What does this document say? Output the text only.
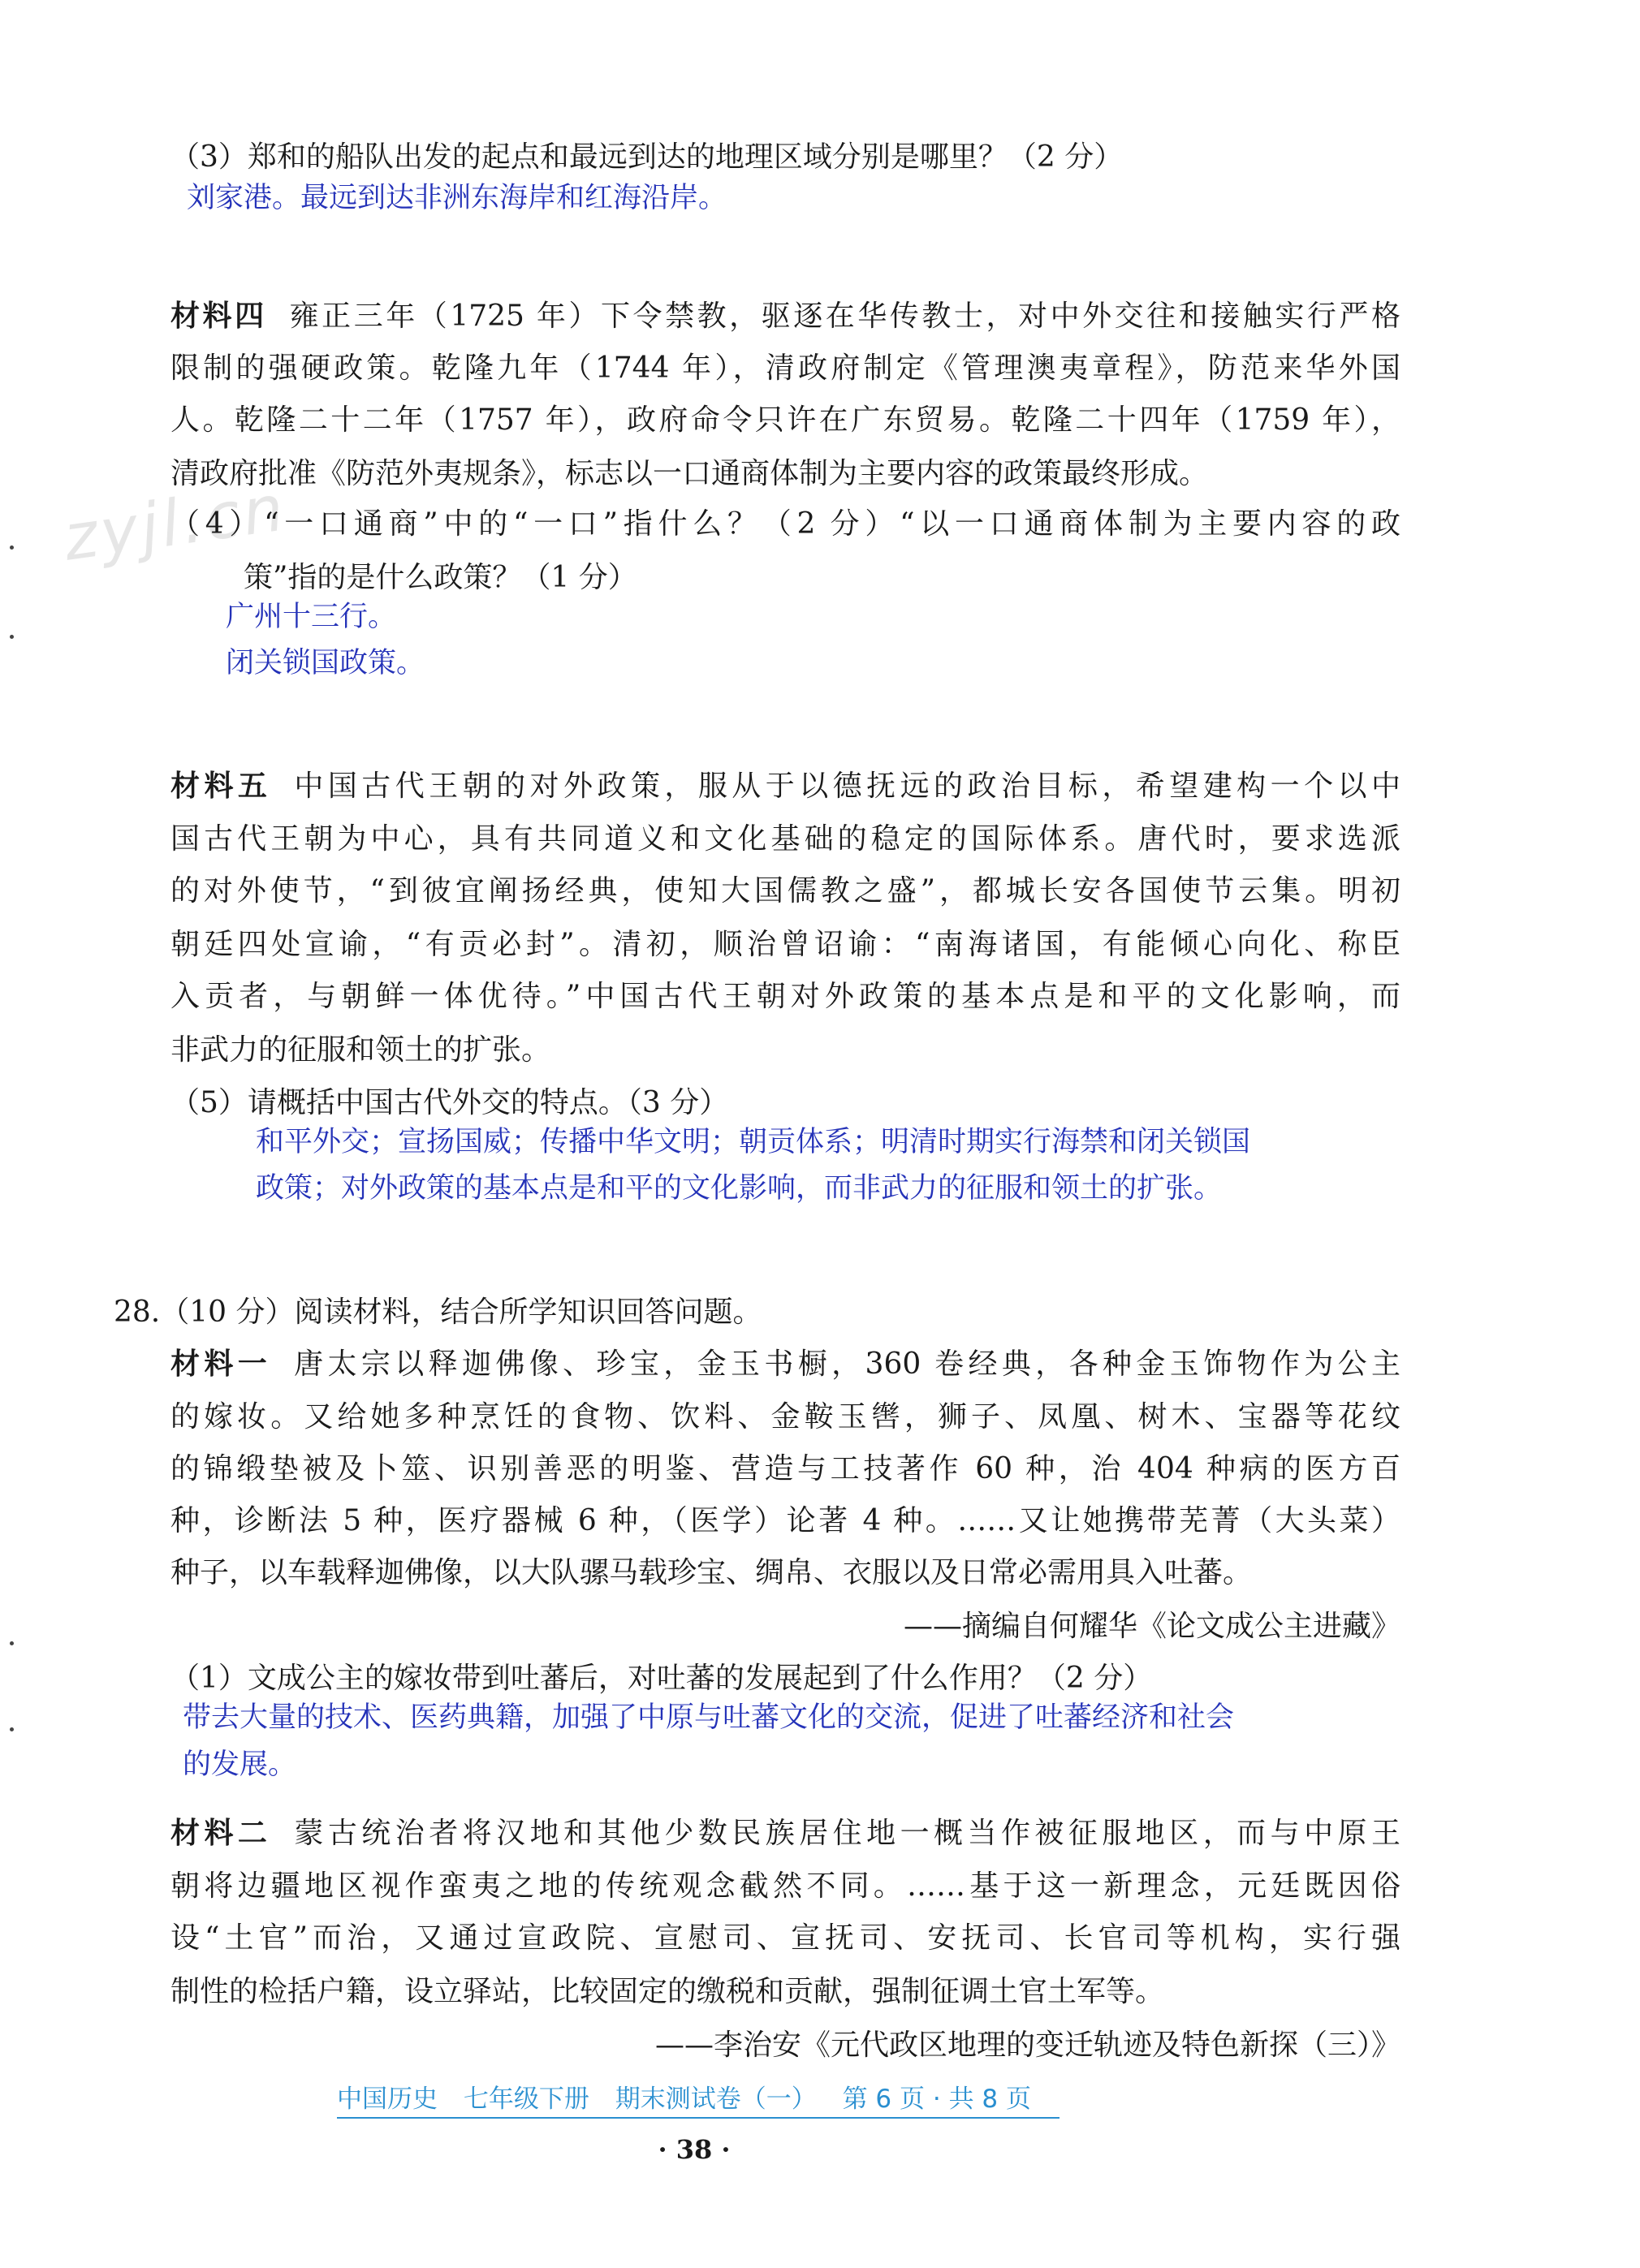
zyjl.cn
（3）郑和的船队出发的起点和最远到达的地理区域分别是哪里？（2 分）
刘家港。最远到达非洲东海岸和红海沿岸。
材料四 雍正三年（1725 年）下令禁教，驱逐在华传教士，对中外交往和接触实行严格
限制的强硬政策。乾隆九年（1744 年），清政府制定《管理澳夷章程》，防范来华外国
人。乾隆二十二年（1757 年），政府命令只许在广东贸易。乾隆二十四年（1759 年），
清政府批准《防范外夷规条》，标志以一口通商体制为主要内容的政策最终形成。
（4）“一口通商”中的“一口”指什么？（2 分）“以一口通商体制为主要内容的政
策”指的是什么政策？（1 分）
广州十三行。
闭关锁国政策。
材料五 中国古代王朝的对外政策，服从于以德抚远的政治目标，希望建构一个以中
国古代王朝为中心，具有共同道义和文化基础的稳定的国际体系。唐代时，要求选派
的对外使节，“到彼宜阐扬经典，使知大国儒教之盛”，都城长安各国使节云集。明初
朝廷四处宣谕，“有贡必封”。清初，顺治曾诏谕：“南海诸国，有能倾心向化、称臣
入贡者，与朝鲜一体优待。”中国古代王朝对外政策的基本点是和平的文化影响，而
非武力的征服和领土的扩张。
（5）请概括中国古代外交的特点。（3 分）
和平外交；宣扬国威；传播中华文明；朝贡体系；明清时期实行海禁和闭关锁国
政策；对外政策的基本点是和平的文化影响，而非武力的征服和领土的扩张。
28.（10 分）阅读材料，结合所学知识回答问题。
材料一 唐太宗以释迦佛像、珍宝，金玉书橱，360 卷经典，各种金玉饰物作为公主
的嫁妆。又给她多种烹饪的食物、饮料、金鞍玉辔，狮子、凤凰、树木、宝器等花纹
的锦缎垫被及卜筮、识别善恶的明鉴、营造与工技著作 60 种，治 404 种病的医方百
种，诊断法 5 种，医疗器械 6 种，（医学）论著 4 种。……又让她携带芜菁（大头菜）
种子，以车载释迦佛像，以大队骡马载珍宝、绸帛、衣服以及日常必需用具入吐蕃。
——摘编自何耀华《论文成公主进藏》
（1）文成公主的嫁妆带到吐蕃后，对吐蕃的发展起到了什么作用？（2 分）
带去大量的技术、医药典籍，加强了中原与吐蕃文化的交流，促进了吐蕃经济和社会
的发展。
材料二 蒙古统治者将汉地和其他少数民族居住地一概当作被征服地区，而与中原王
朝将边疆地区视作蛮夷之地的传统观念截然不同。……基于这一新理念，元廷既因俗
设“土官”而治，又通过宣政院、宣慰司、宣抚司、安抚司、长官司等机构，实行强
制性的检括户籍，设立驿站，比较固定的缴税和贡献，强制征调土官土军等。
——李治安《元代政区地理的变迁轨迹及特色新探（三）》
中国历史 七年级下册 期末测试卷（一） 第 6 页 · 共 8 页
· 38 ·
